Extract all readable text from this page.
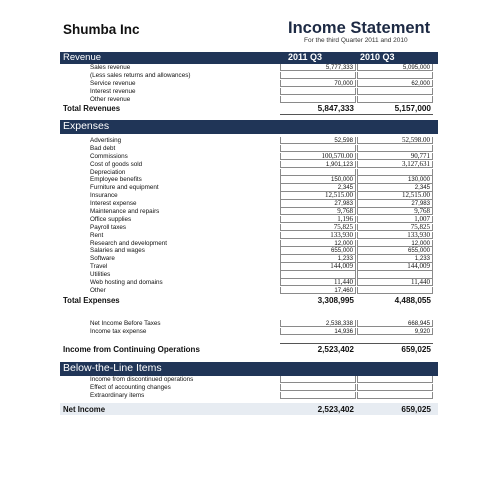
Shumba Inc	Income Statement
For the third Quarter 2011 and 2010
Revenue	2011 Q3	2010 Q3
Sales revenue	5,777,333	5,095,000
(Less sales returns and allowances)
Service revenue	70,000	62,000
Interest revenue
Other revenue
Total Revenues	5,847,333	5,157,000
Expenses
Advertising	52,598	52,598.00
Bad debt
Commissions	100,570.00	90,771
Cost of goods sold	1,901,123	3,127,631
Depreciation
Employee benefits	150,000	130,000
Furniture and equipment	2,345	2,345
Insurance	12,515.00	12,515.00
Interest expense	27,983	27,983
Maintenance and repairs	9,768	9,768
Office supplies	1,196	1,007
Payroll taxes	75,825	75,825
Rent	133,930	133,930
Research and development	12,000	12,000
Salaries and wages	655,000	655,000
Software	1,233	1,233
Travel	144,009	144,009
Utilities
Web hosting and domains	11,440	11,440
Other	17,460
Total Expenses	3,308,995	4,488,055
Net Income Before Taxes	2,538,338	668,945
Income tax expense	14,936	9,920
Income from Continuing Operations	2,523,402	659,025
Below-the-Line Items
Income from discontinued operations
Effect of accounting changes
Extraordinary items
Net Income	2,523,402	659,025
